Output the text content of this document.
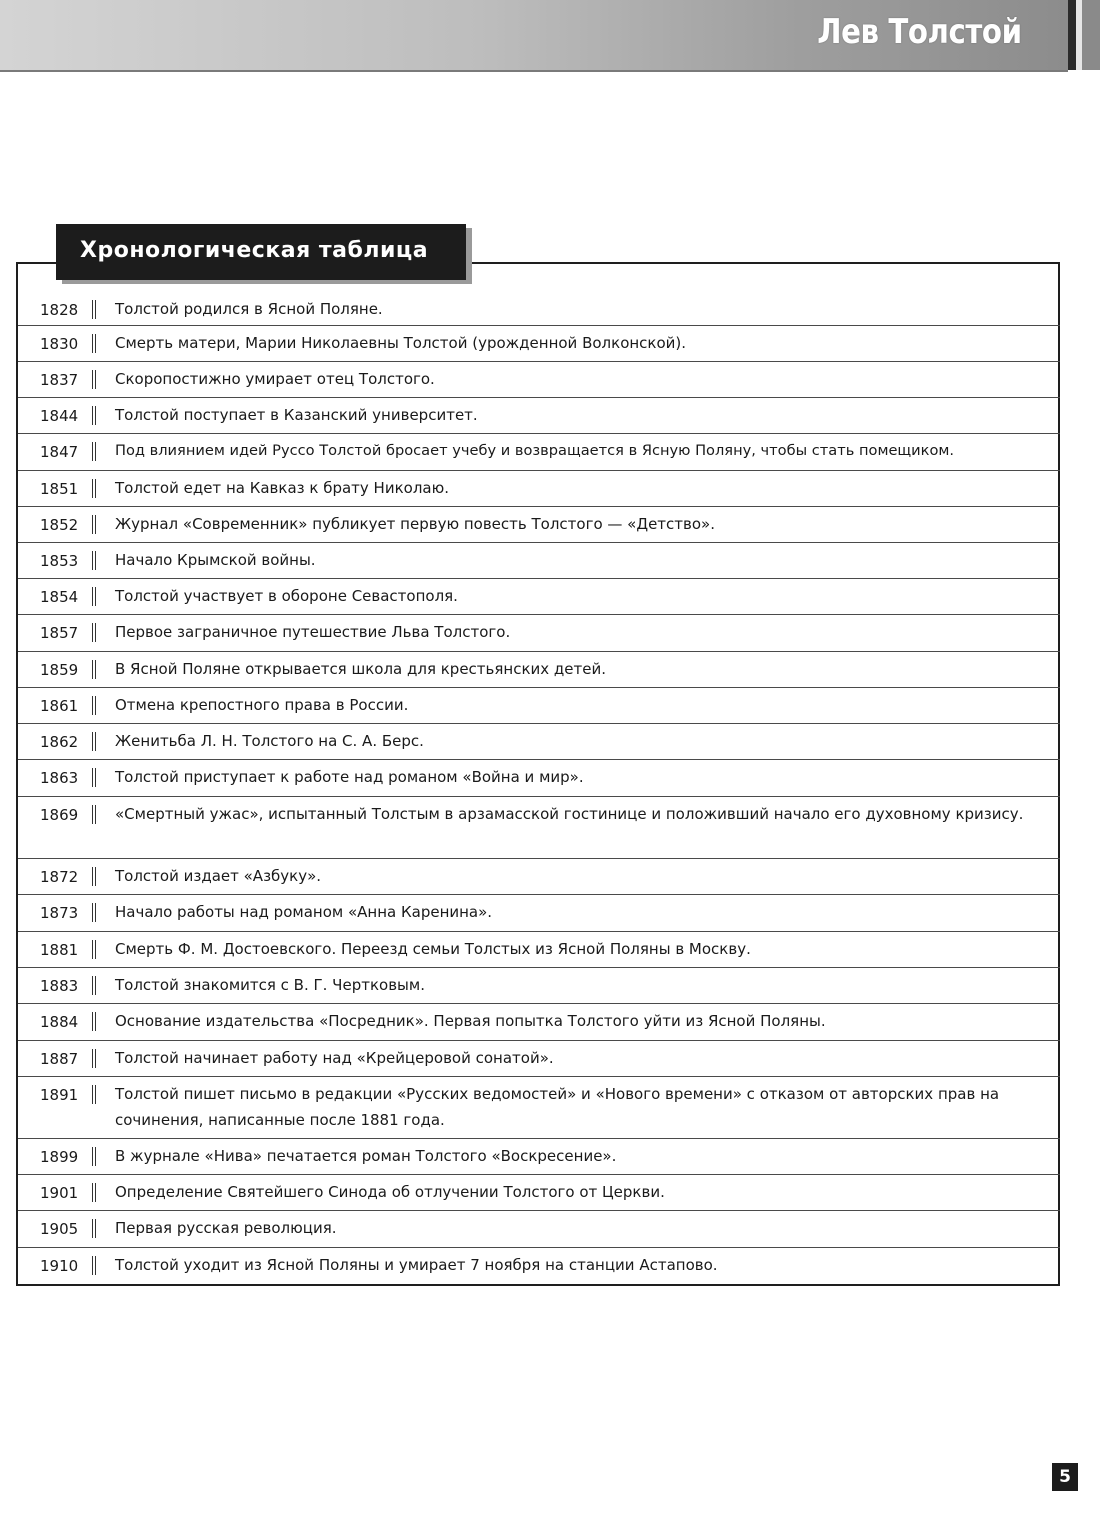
Лев Толстой
Хронологическая таблица
1828 Толстой родился в Ясной Поляне.
1830 Смерть матери, Марии Николаевны Толстой (урожденной Волконской).
1837 Скоропостижно умирает отец Толстого.
1844 Толстой поступает в Казанский университет.
1847	Под влиянием идей Руссо Толстой бросает учебу и возвращается в Ясную Поляну, чтобы стать помещиком.
1851 Толстой едет на Кавказ к брату Николаю.
1852 Журнал «Современник» публикует первую повесть Толстого — «Детство».
1853 Начало Крымской войны.
1854 Толстой участвует в обороне Севастополя.
1857 Первое заграничное путешествие Льва Толстого.
1859 В Ясной Поляне открывается школа для крестьянских детей.
1861 Отмена крепостного права в России.
1862 Женитьба Л. Н. Толстого на С. А. Берс.
1863 Толстой приступает к работе над романом «Война и мир».
1869 «Смертный ужас», испытанный Толстым в арзамасской гостинице и положивший начало его духовному кризису.
1872 Толстой издает «Азбуку».
1873 Начало работы над романом «Анна Каренина».
1881 Смерть Ф. М. Достоевского. Переезд семьи Толстых из Ясной Поляны в Москву.
1883 Толстой знакомится с В. Г. Чертковым.
1884 Основание издательства «Посредник». Первая попытка Толстого уйти из Ясной Поляны.
1887 Толстой начинает работу над «Крейцеровой сонатой».
1891 Толстой пишет письмо в редакции «Русских ведомостей» и «Нового времени» с отказом от авторских прав на сочинения, написанные после 1881 года.
1899 В журнале «Нива» печатается роман Толстого «Воскресение».
1901 Определение Святейшего Синода об отлучении Толстого от Церкви.
1905 Первая русская революция.
1910 Толстой уходит из Ясной Поляны и умирает 7 ноября на станции Астапово.
5
